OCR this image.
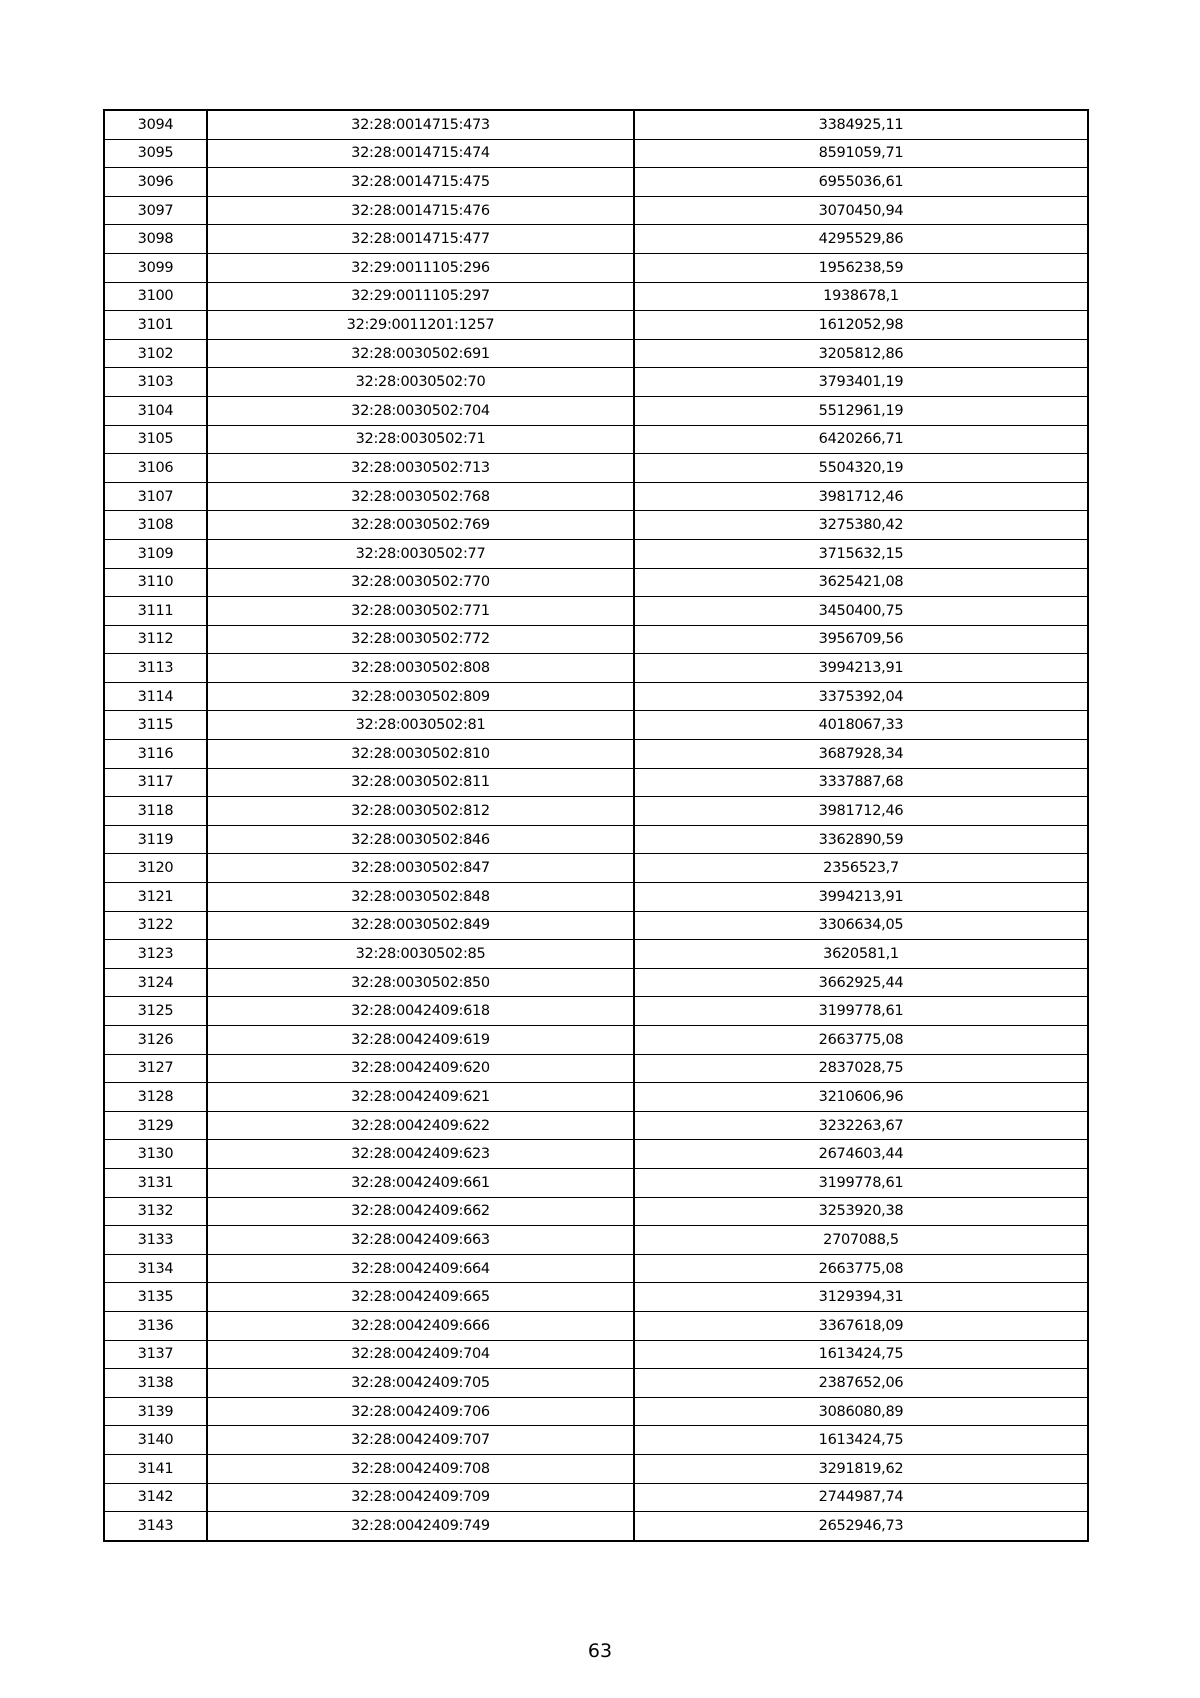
3094	32:28:0014715:473	3384925,11
3095	32:28:0014715:474	8591059,71
3096	32:28:0014715:475	6955036,61
3097	32:28:0014715:476	3070450,94
3098	32:28:0014715:477	4295529,86
3099	32:29:0011105:296	1956238,59
3100	32:29:0011105:297	1938678,1
3101	32:29:0011201:1257	1612052,98
3102	32:28:0030502:691	3205812,86
3103	32:28:0030502:70	3793401,19
3104	32:28:0030502:704	5512961,19
3105	32:28:0030502:71	6420266,71
3106	32:28:0030502:713	5504320,19
3107	32:28:0030502:768	3981712,46
3108	32:28:0030502:769	3275380,42
3109	32:28:0030502:77	3715632,15
3110	32:28:0030502:770	3625421,08
3111	32:28:0030502:771	3450400,75
3112	32:28:0030502:772	3956709,56
3113	32:28:0030502:808	3994213,91
3114	32:28:0030502:809	3375392,04
3115	32:28:0030502:81	4018067,33
3116	32:28:0030502:810	3687928,34
3117	32:28:0030502:811	3337887,68
3118	32:28:0030502:812	3981712,46
3119	32:28:0030502:846	3362890,59
3120	32:28:0030502:847	2356523,7
3121	32:28:0030502:848	3994213,91
3122	32:28:0030502:849	3306634,05
3123	32:28:0030502:85	3620581,1
3124	32:28:0030502:850	3662925,44
3125	32:28:0042409:618	3199778,61
3126	32:28:0042409:619	2663775,08
3127	32:28:0042409:620	2837028,75
3128	32:28:0042409:621	3210606,96
3129	32:28:0042409:622	3232263,67
3130	32:28:0042409:623	2674603,44
3131	32:28:0042409:661	3199778,61
3132	32:28:0042409:662	3253920,38
3133	32:28:0042409:663	2707088,5
3134	32:28:0042409:664	2663775,08
3135	32:28:0042409:665	3129394,31
3136	32:28:0042409:666	3367618,09
3137	32:28:0042409:704	1613424,75
3138	32:28:0042409:705	2387652,06
3139	32:28:0042409:706	3086080,89
3140	32:28:0042409:707	1613424,75
3141	32:28:0042409:708	3291819,62
3142	32:28:0042409:709	2744987,74
3143	32:28:0042409:749	2652946,73
63
